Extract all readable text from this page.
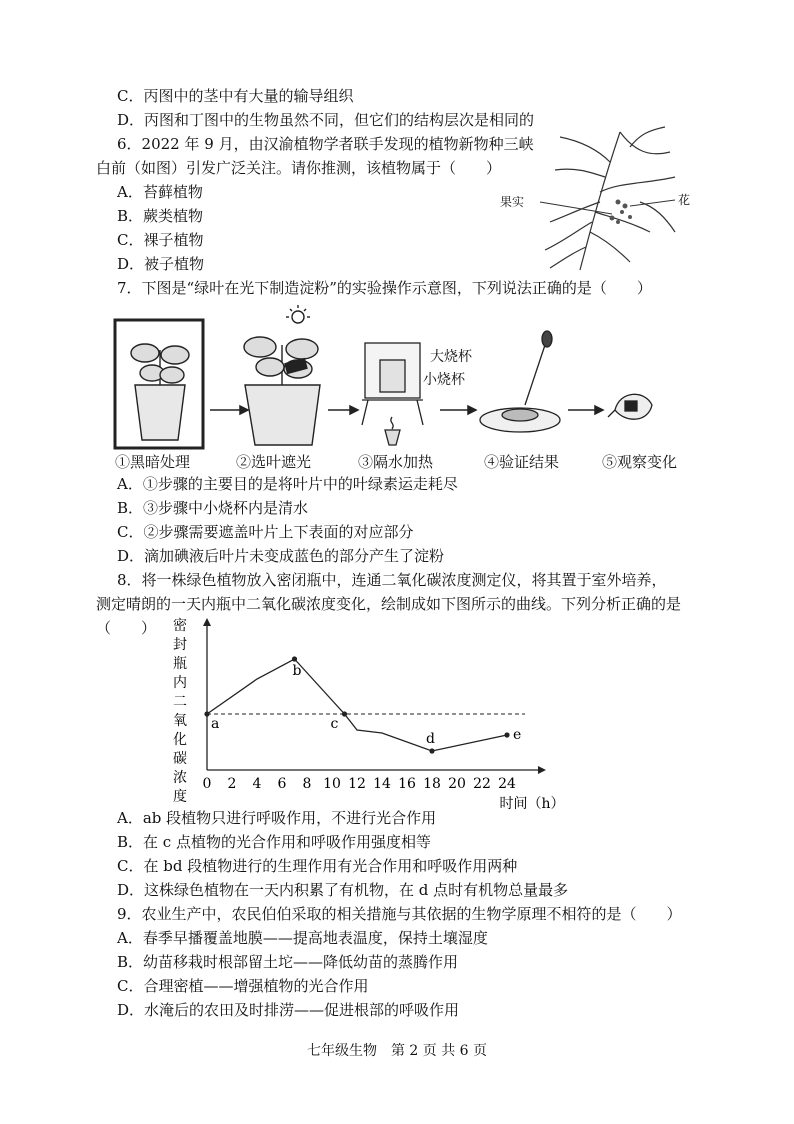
C．丙图中的茎中有大量的输导组织
D．丙图和丁图中的生物虽然不同，但它们的结构层次是相同的
6．2022 年 9 月，由汉渝植物学者联手发现的植物新物种三峡
白前（如图）引发广泛关注。请你推测，该植物属于（　　）
A．苔藓植物
B．蕨类植物
C．裸子植物
D．被子植物
果实	花
7．下图是“绿叶在光下制造淀粉”的实验操作示意图，下列说法正确的是（　　）
大烧杯
小烧杯
①黑暗处理	②选叶遮光	③隔水加热	④验证结果	⑤观察变化
A．①步骤的主要目的是将叶片中的叶绿素运走耗尽
B．③步骤中小烧杯内是清水
C．②步骤需要遮盖叶片上下表面的对应部分
D．滴加碘液后叶片未变成蓝色的部分产生了淀粉
8．将一株绿色植物放入密闭瓶中，连通二氧化碳浓度测定仪，将其置于室外培养，
测定晴朗的一天内瓶中二氧化碳浓度变化，绘制成如下图所示的曲线。下列分析正确的是
（　　） 密
封
瓶
内
二
氧
化
碳
浓
度
0 2 4 6 8 10 12 14 16 18 20 22 24
时间（h）
a
b
c
d	e
A．ab 段植物只进行呼吸作用，不进行光合作用
B．在 c 点植物的光合作用和呼吸作用强度相等
C．在 bd 段植物进行的生理作用有光合作用和呼吸作用两种
D．这株绿色植物在一天内积累了有机物，在 d 点时有机物总量最多
9．农业生产中，农民伯伯采取的相关措施与其依据的生物学原理不相符的是（　　）
A．春季早播覆盖地膜——提高地表温度，保持土壤湿度
B．幼苗移栽时根部留土坨——降低幼苗的蒸腾作用
C．合理密植——增强植物的光合作用
D．水淹后的农田及时排涝——促进根部的呼吸作用
七年级生物　第 2 页 共 6 页
